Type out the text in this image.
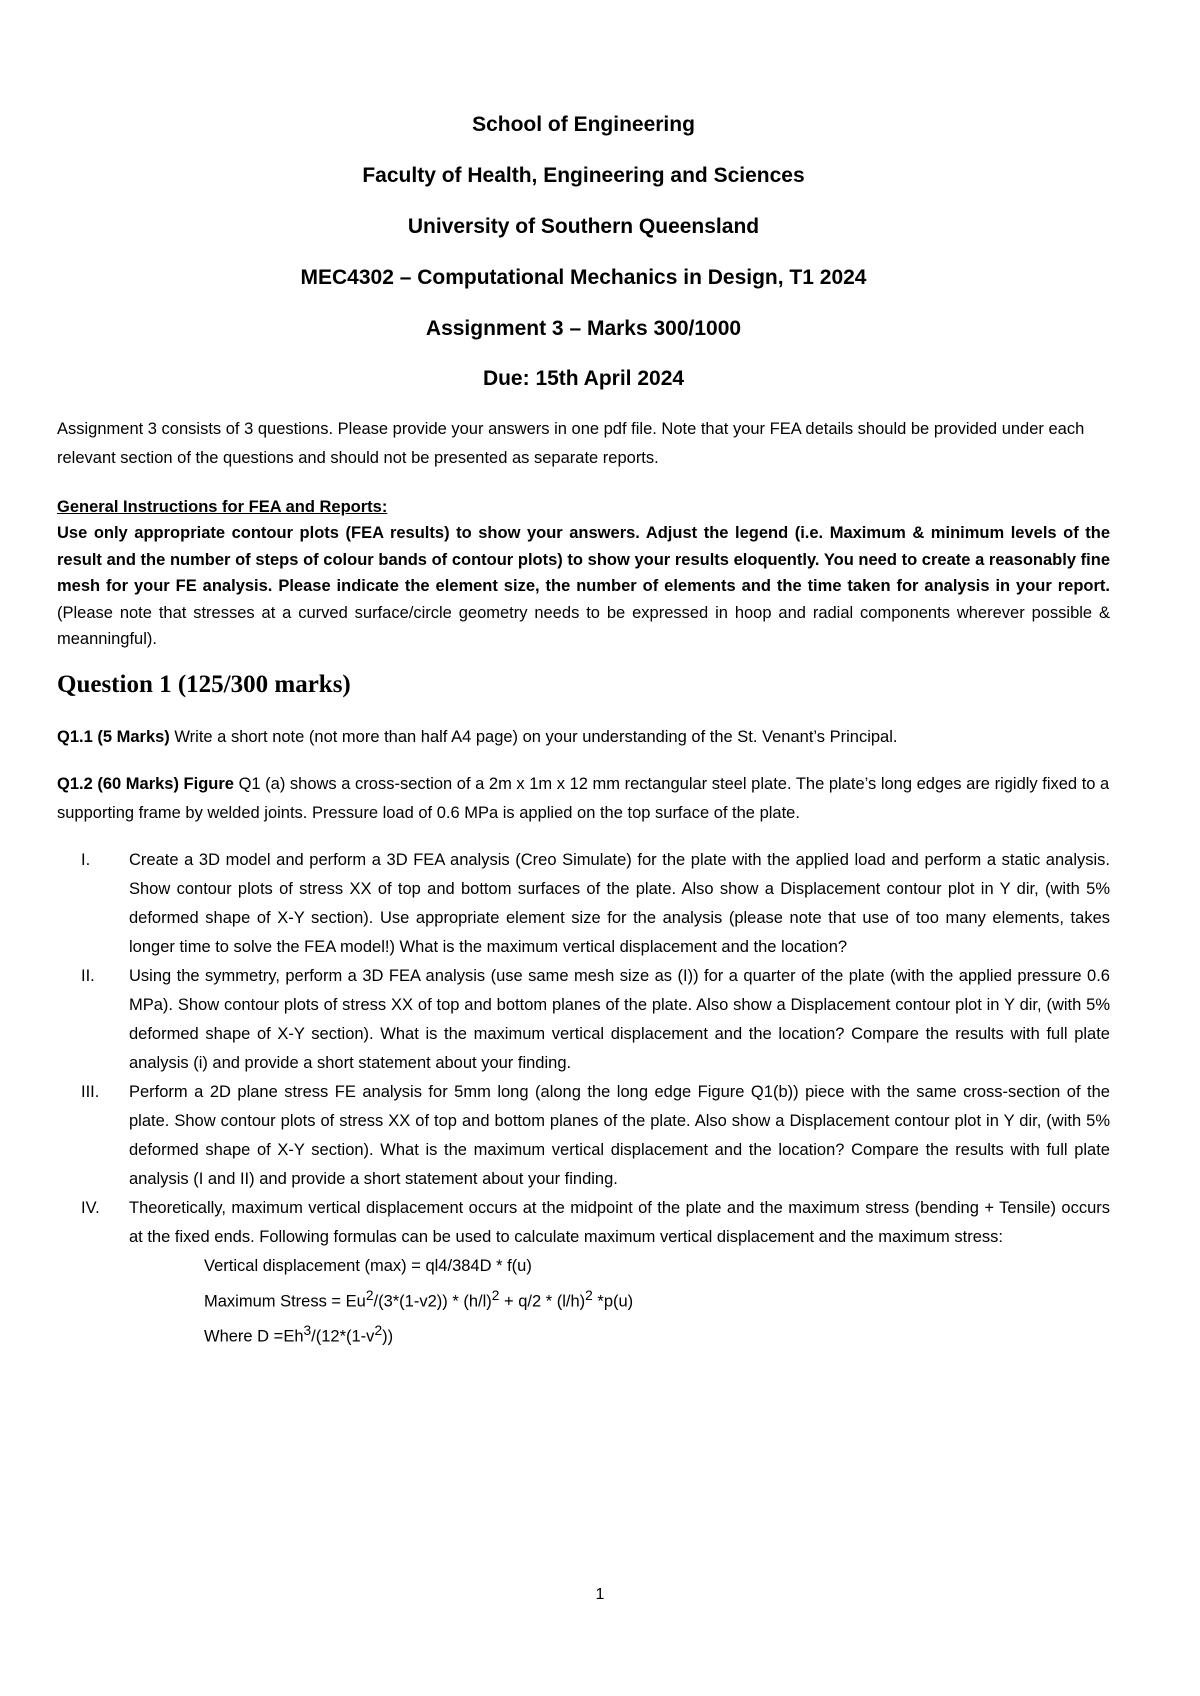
School of Engineering
Faculty of Health, Engineering and Sciences
University of Southern Queensland
MEC4302 – Computational Mechanics in Design, T1 2024
Assignment 3 – Marks 300/1000
Due: 15th April 2024

Assignment 3 consists of 3 questions. Please provide your answers in one pdf file. Note that your FEA details should be provided under each relevant section of the questions and should not be presented as separate reports.

General Instructions for FEA and Reports:

Use only appropriate contour plots (FEA results) to show your answers. Adjust the legend (i.e. Maximum & minimum levels of the result and the number of steps of colour bands of contour plots) to show your results eloquently. You need to create a reasonably fine mesh for your FE analysis. Please indicate the element size, the number of elements and the time taken for analysis in your report. (Please note that stresses at a curved surface/circle geometry needs to be expressed in hoop and radial components wherever possible & meanningful).

Question 1 (125/300 marks)

Q1.1 (5 Marks) Write a short note (not more than half A4 page) on your understanding of the St. Venant’s Principal.

Q1.2 (60 Marks) Figure Q1 (a) shows a cross-section of a 2m x 1m x 12 mm rectangular steel plate. The plate’s long edges are rigidly fixed to a supporting frame by welded joints. Pressure load of 0.6 MPa is applied on the top surface of the plate.

I. Create a 3D model and perform a 3D FEA analysis (Creo Simulate) for the plate with the applied load and perform a static analysis. Show contour plots of stress XX of top and bottom surfaces of the plate. Also show a Displacement contour plot in Y dir, (with 5% deformed shape of X-Y section). Use appropriate element size for the analysis (please note that use of too many elements, takes longer time to solve the FEA model!) What is the maximum vertical displacement and the location?
II. Using the symmetry, perform a 3D FEA analysis (use same mesh size as (I)) for a quarter of the plate (with the applied pressure 0.6 MPa). Show contour plots of stress XX of top and bottom planes of the plate. Also show a Displacement contour plot in Y dir, (with 5% deformed shape of X-Y section). What is the maximum vertical displacement and the location? Compare the results with full plate analysis (i) and provide a short statement about your finding.
III. Perform a 2D plane stress FE analysis for 5mm long (along the long edge Figure Q1(b)) piece with the same cross-section of the plate. Show contour plots of stress XX of top and bottom planes of the plate. Also show a Displacement contour plot in Y dir, (with 5% deformed shape of X-Y section). What is the maximum vertical displacement and the location? Compare the results with full plate analysis (I and II) and provide a short statement about your finding.
IV. Theoretically, maximum vertical displacement occurs at the midpoint of the plate and the maximum stress (bending + Tensile) occurs at the fixed ends. Following formulas can be used to calculate maximum vertical displacement and the maximum stress:
Vertical displacement (max) = ql4/384D * f(u)
Maximum Stress = $Eu^2/(3*(1-v2)) * (h/l)^2 + q/2 * (l/h)^2$ *p(u)
Where $D =Eh^3/(12*(1-v^2))$
1
